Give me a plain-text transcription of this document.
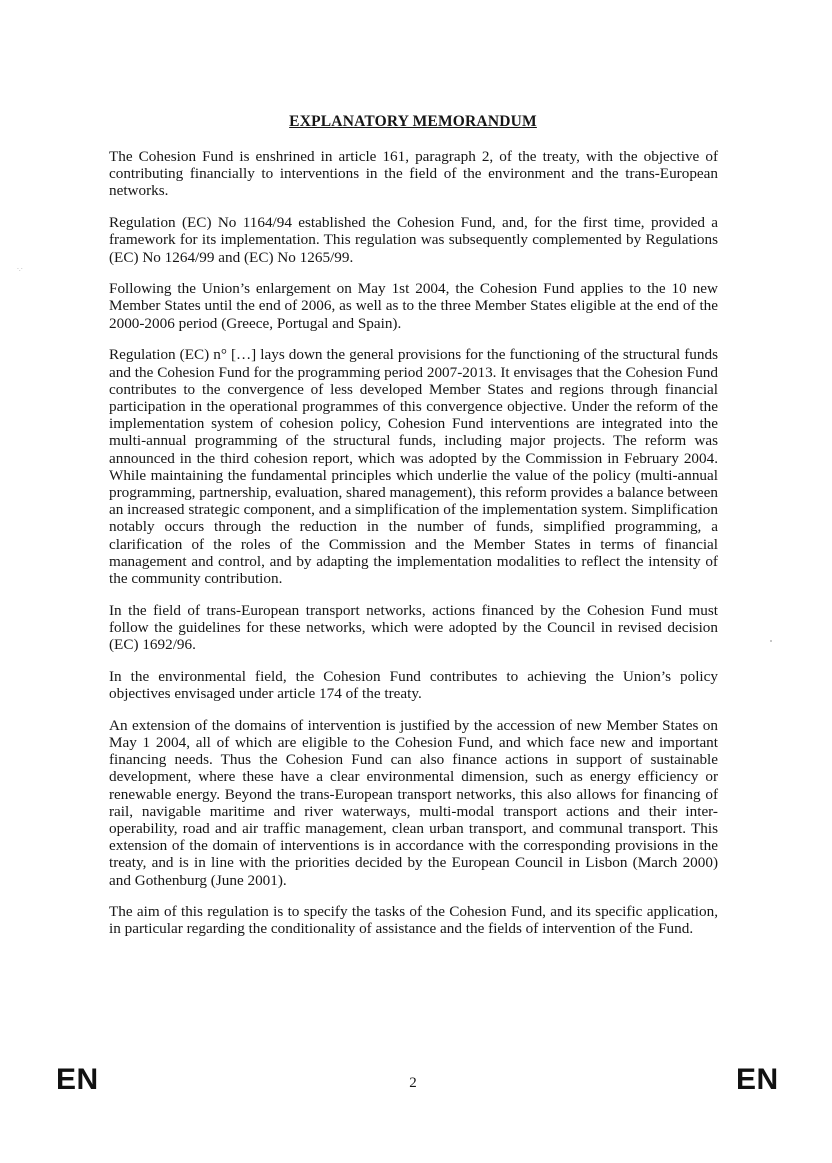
EXPLANATORY MEMORANDUM

The Cohesion Fund is enshrined in article 161, paragraph 2, of the treaty, with the objective of contributing financially to interventions in the field of the environment and the trans-European networks.

Regulation (EC) No 1164/94 established the Cohesion Fund, and, for the first time, provided a framework for its implementation. This regulation was subsequently complemented by Regulations (EC) No 1264/99 and (EC) No 1265/99.

Following the Union’s enlargement on May 1st 2004, the Cohesion Fund applies to the 10 new Member States until the end of 2006, as well as to the three Member States eligible at the end of the 2000-2006 period (Greece, Portugal and Spain).

Regulation (EC) n° […] lays down the general provisions for the functioning of the structural funds and the Cohesion Fund for the programming period 2007-2013. It envisages that the Cohesion Fund contributes to the convergence of less developed Member States and regions through financial participation in the operational programmes of this convergence objective. Under the reform of the implementation system of cohesion policy, Cohesion Fund interventions are integrated into the multi-annual programming of the structural funds, including major projects. The reform was announced in the third cohesion report, which was adopted by the Commission in February 2004. While maintaining the fundamental principles which underlie the value of the policy (multi-annual programming, partnership, evaluation, shared management), this reform provides a balance between an increased strategic component, and a simplification of the implementation system. Simplification notably occurs through the reduction in the number of funds, simplified programming, a clarification of the roles of the Commission and the Member States in terms of financial management and control, and by adapting the implementation modalities to reflect the intensity of the community contribution.

In the field of trans-European transport networks, actions financed by the Cohesion Fund must follow the guidelines for these networks, which were adopted by the Council in revised decision (EC) 1692/96.

In the environmental field, the Cohesion Fund contributes to achieving the Union’s policy objectives envisaged under article 174 of the treaty.

An extension of the domains of intervention is justified by the accession of new Member States on May 1 2004, all of which are eligible to the Cohesion Fund, and which face new and important financing needs. Thus the Cohesion Fund can also finance actions in support of sustainable development, where these have a clear environmental dimension, such as energy efficiency or renewable energy. Beyond the trans-European transport networks, this also allows for financing of rail, navigable maritime and river waterways, multi-modal transport actions and their inter-operability, road and air traffic management, clean urban transport, and communal transport. This extension of the domain of interventions is in accordance with the corresponding provisions in the treaty, and is in line with the priorities decided by the European Council in Lisbon (March 2000) and Gothenburg (June 2001).

The aim of this regulation is to specify the tasks of the Cohesion Fund, and its specific application, in particular regarding the conditionality of assistance and the fields of intervention of the Fund.

·.·
EN	2	EN
